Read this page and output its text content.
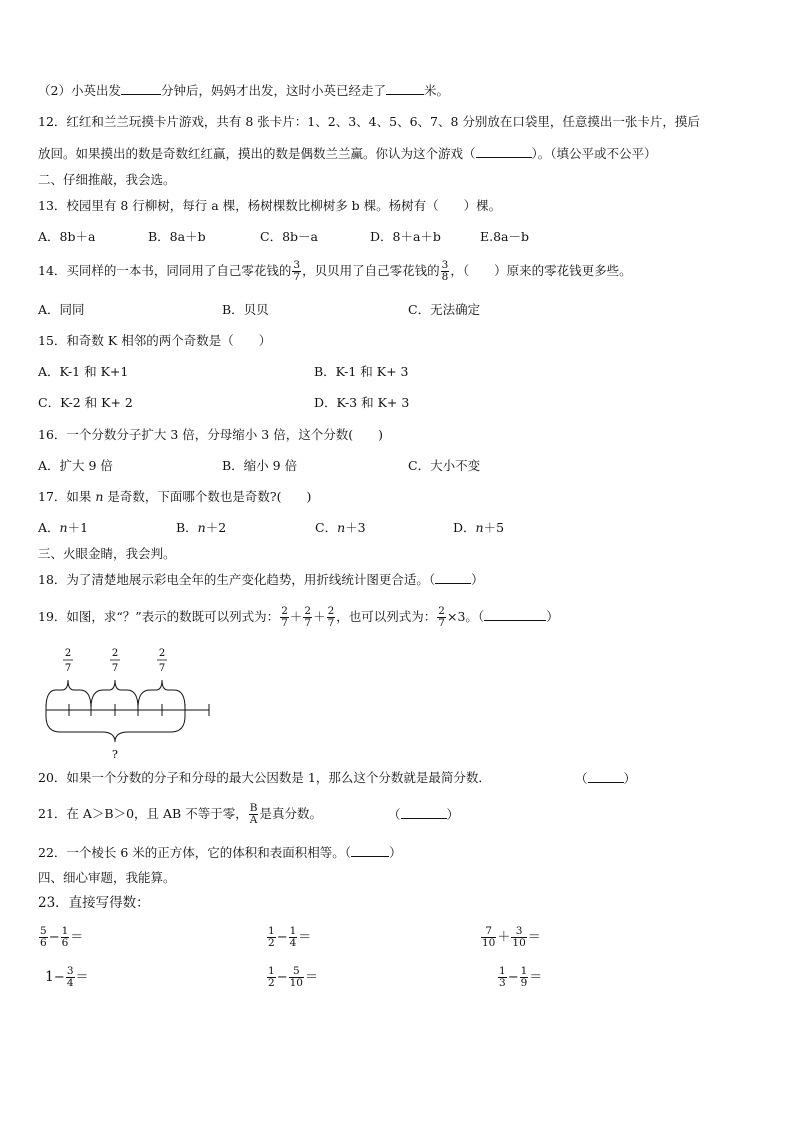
（2）小英出发	分钟后，妈妈才出发，这时小英已经走了	米。
12．红红和兰兰玩摸卡片游戏，共有 8 张卡片：1、2、3、4、5、6、7、8 分别放在口袋里，任意摸出一张卡片，摸后
放回。如果摸出的数是奇数红红赢，摸出的数是偶数兰兰赢。你认为这个游戏（	）。（填公平或不公平）
二、仔细推敲，我会选。
13．校园里有 8 行柳树，每行 a 棵，杨树棵数比柳树多 b 棵。杨树有（　　）棵。
A．8b＋a	B．8a＋b	C．8b－a	D．8＋a＋b	E.8a－b
14．买同样的一本书，同同用了自己零花钱的 $\frac{3}{7}$ ，贝贝用了自己零花钱的 $\frac{3}{8}$ ，（　　）原来的零花钱更多些。
A．同同	B．贝贝	C．无法确定
15．和奇数 K 相邻的两个奇数是（　　）
A．K-1 和 K+1	B．K-1 和 K+ 3
C．K-2 和 K+ 2	D．K-3 和 K+ 3
16．一个分数分子扩大 3 倍，分母缩小 3 倍，这个分数(　　)
A．扩大 9 倍	B．缩小 9 倍	C．大小不变
17．如果 𝑛 是奇数，下面哪个数也是奇数?(　　)
A．𝑛＋1	B．𝑛＋2	C．𝑛＋3	D．𝑛＋5
三、火眼金睛，我会判。
18．为了清楚地展示彩电全年的生产变化趋势，用折线统计图更合适。（	）
19．如图，求“？”表示的数既可以列式为： $\frac{2}{7} + \frac{2}{7} + \frac{2}{7}$ ，也可以列式为： $\frac{2}{7} \times 3$。（	）
2
7
2
7
2
7
?
20．如果一个分数的分子和分母的最大公因数是 1，那么这个分数就是最简分数．	（	）
21．在 A＞B＞0，且 AB 不等于零， $\frac{B}{A}$ 是真分数。	（	）
22．一个棱长 6 米的正方体，它的体积和表面积相等。（	）
四、细心审题，我能算。
23．直接写得数：
$\frac{5}{6} - \frac{1}{6}$ ＝	$\frac{1}{2} - \frac{1}{4}$ ＝	$\frac{7}{10} + \frac{3}{10}$ ＝
$1- \frac{3}{4}$ ＝	$\frac{1}{2} - \frac{5}{10}$ ＝	$\frac{1}{3} - \frac{1}{9}$ ＝
